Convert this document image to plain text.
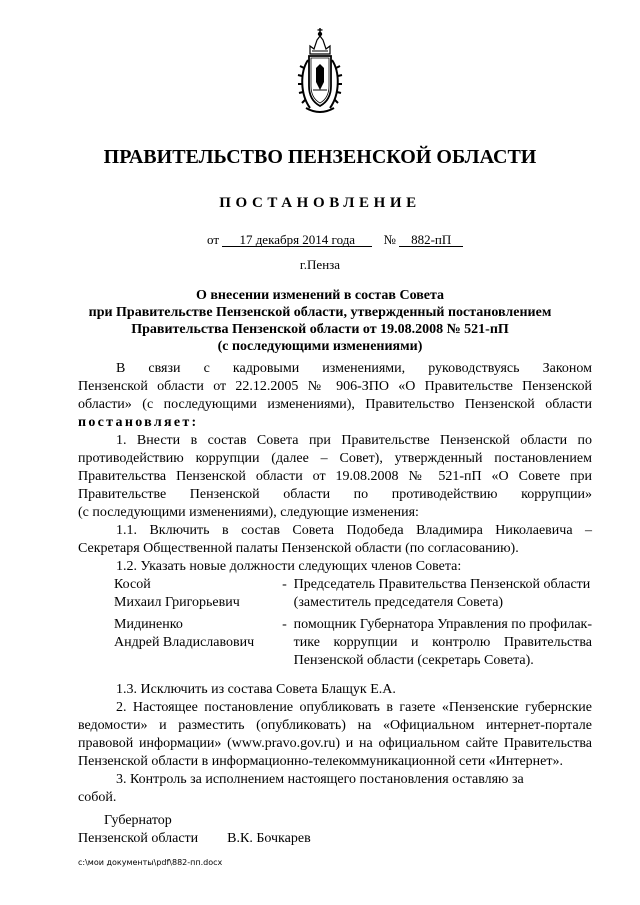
ПРАВИТЕЛЬСТВО ПЕНЗЕНСКОЙ ОБЛАСТИ
ПОСТАНОВЛЕНИЕ
от 17 декабря 2014 года № 882-пП
г.Пенза
О внесении изменений в состав Совета
при Правительстве Пензенской области, утвержденный постановлением
Правительства Пензенской области от 19.08.2008 № 521-пП
(с последующими изменениями)
В связи с кадровыми изменениями, руководствуясь Законом
Пензенской области от 22.12.2005 № 906-ЗПО «О Правительстве Пензенской
области» (с последующими изменениями), Правительство Пензенской области
постановляет:
1. Внести в состав Совета при Правительстве Пензенской области по
противодействию коррупции (далее – Совет), утвержденный постановлением
Правительства Пензенской области от 19.08.2008 № 521-пП «О Совете при
Правительстве Пензенской области по противодействию коррупции»
(с последующими изменениями), следующие изменения:
1.1. Включить в состав Совета Подобеда Владимира Николаевича –
Секретаря Общественной палаты Пензенской области (по согласованию).
1.2. Указать новые должности следующих членов Совета:
Косой	-	Председатель Правительства Пензенской области
Михаил Григорьевич		(заместитель председателя Совета)
Мидиненко	-	помощник Губернатора Управления по профилак-
Андрей Владиславович		тике коррупции и контролю Правительства
		Пензенской области (секретарь Совета).
1.3. Исключить из состава Совета Блащук Е.А.
2. Настоящее постановление опубликовать в газете «Пензенские губернские
ведомости» и разместить (опубликовать) на «Официальном интернет-портале
правовой информации» (www.pravo.gov.ru) и на официальном сайте Правительства
Пензенской области в информационно-телекоммуникационной сети «Интернет».
3. Контроль за исполнением настоящего постановления оставляю за
собой.
Губернатор
Пензенской области В.К. Бочкарев
c:\мои документы\pdf\882-пп.docx
